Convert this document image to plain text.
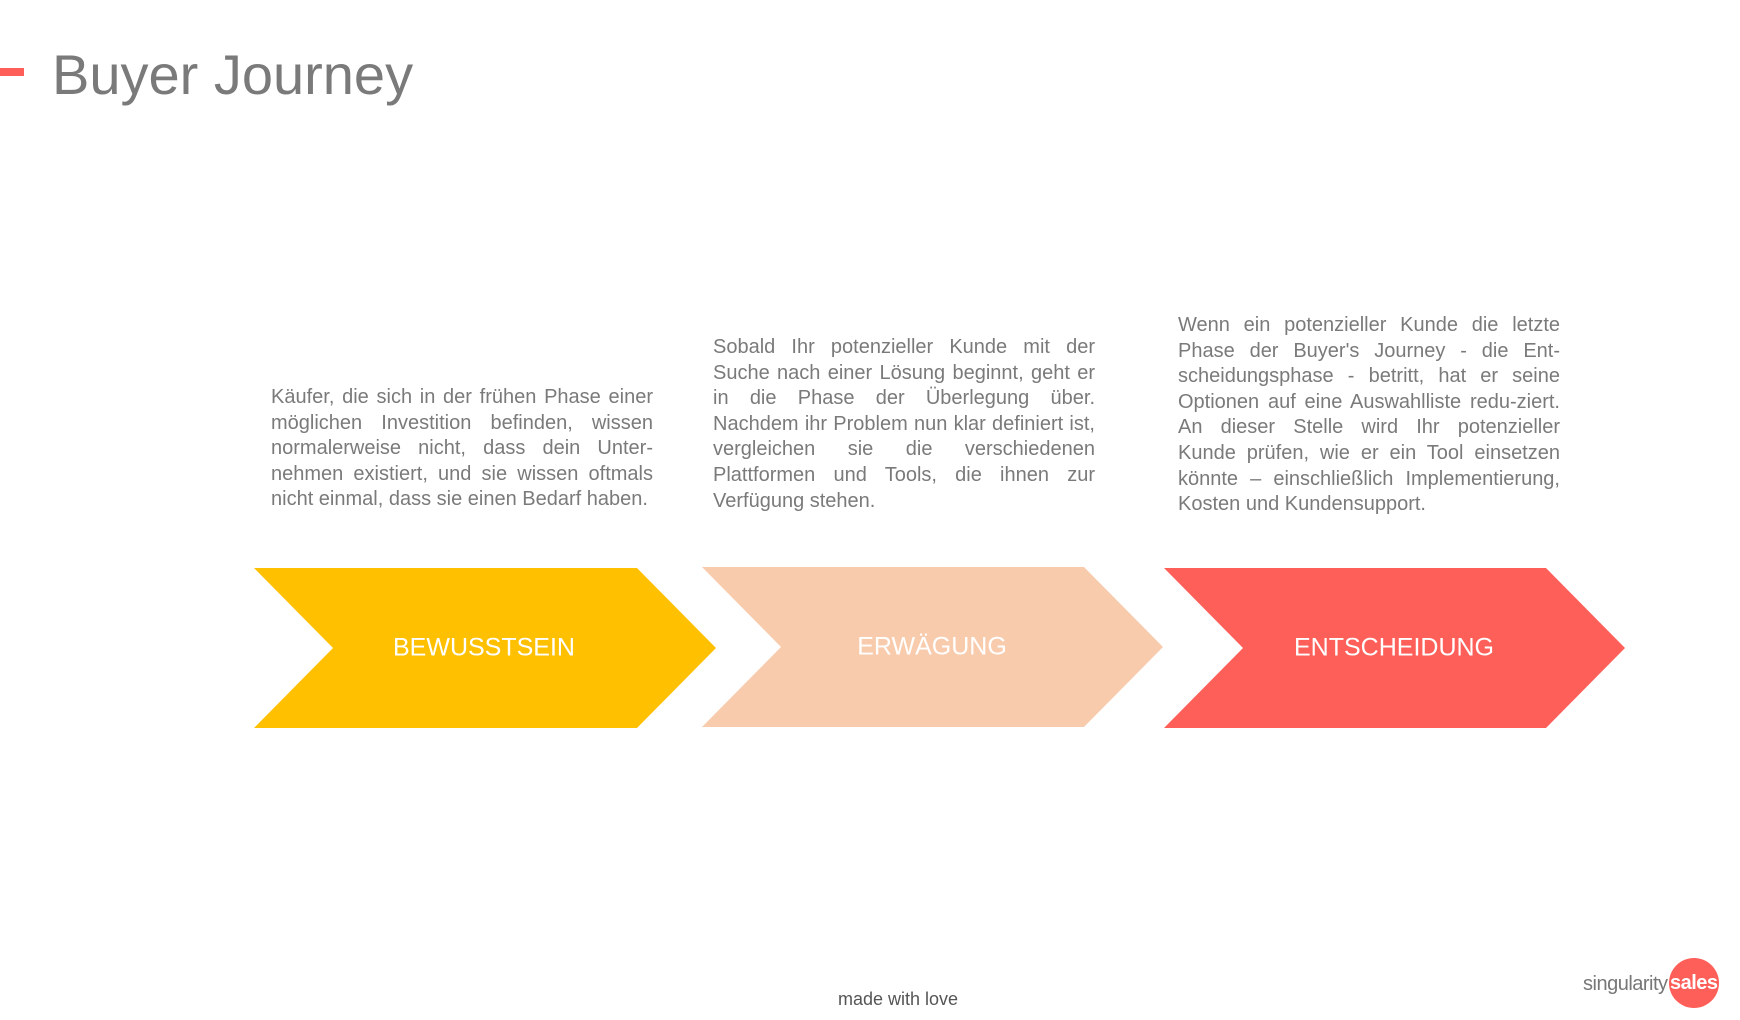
Buyer Journey

Käufer, die sich in der frühen Phase einer möglichen Investition befinden, wissen normalerweise nicht, dass dein Unter-nehmen existiert, und sie wissen oftmals nicht einmal, dass sie einen Bedarf haben.

Sobald Ihr potenzieller Kunde mit der Suche nach einer Lösung beginnt, geht er in die Phase der Überlegung über. Nachdem ihr Problem nun klar definiert ist, vergleichen sie die verschiedenen Plattformen und Tools, die ihnen zur Verfügung stehen.

Wenn ein potenzieller Kunde die letzte Phase der Buyer's Journey - die Ent-scheidungsphase - betritt, hat er seine Optionen auf eine Auswahlliste redu-ziert. An dieser Stelle wird Ihr potenzieller Kunde prüfen, wie er ein Tool einsetzen könnte – einschließlich Implementierung, Kosten und Kundensupport.

BEWUSSTSEIN	ERWÄGUNG	ENTSCHEIDUNG
made with love
singularity sales
